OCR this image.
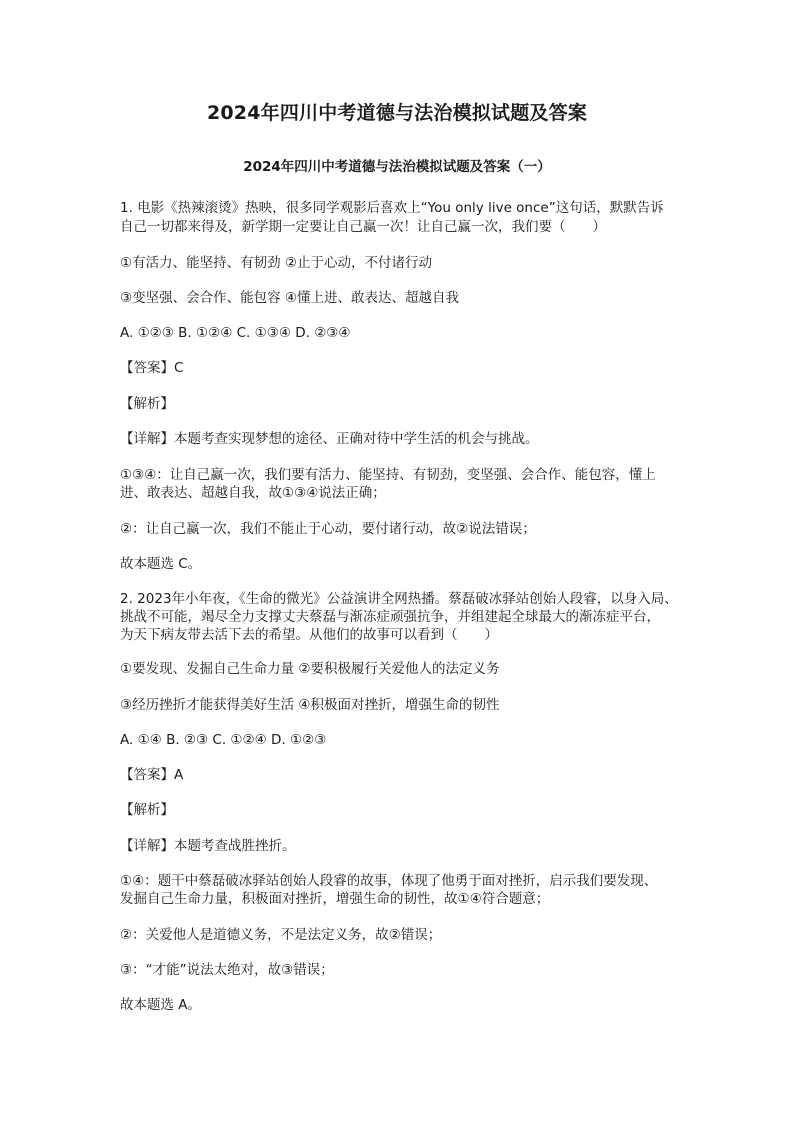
2024年四川中考道德与法治模拟试题及答案
2024年四川中考道德与法治模拟试题及答案（一）
1. 电影《热辣滚烫》热映，很多同学观影后喜欢上“You only live once”这句话，默默告诉
自己一切都来得及，新学期一定要让自己赢一次！让自己赢一次，我们要（　　）
①有活力、能坚持、有韧劲 ②止于心动，不付诸行动
③变坚强、会合作、能包容 ④懂上进、敢表达、超越自我
A. ①②③ B. ①②④ C. ①③④ D. ②③④
【答案】C
【解析】
【详解】本题考查实现梦想的途径、正确对待中学生活的机会与挑战。
①③④：让自己赢一次，我们要有活力、能坚持、有韧劲，变坚强、会合作、能包容，懂上
进、敢表达、超越自我，故①③④说法正确；
②：让自己赢一次，我们不能止于心动，要付诸行动，故②说法错误；
故本题选 C。
2. 2023年小年夜，《生命的微光》公益演讲全网热播。蔡磊破冰驿站创始人段睿，以身入局、
挑战不可能，竭尽全力支撑丈夫蔡磊与渐冻症顽强抗争，并组建起全球最大的渐冻症平台，
为天下病友带去活下去的希望。从他们的故事可以看到（　　）
①要发现、发掘自己生命力量 ②要积极履行关爱他人的法定义务
③经历挫折才能获得美好生活 ④积极面对挫折，增强生命的韧性
A. ①④ B. ②③ C. ①②④ D. ①②③
【答案】A
【解析】
【详解】本题考查战胜挫折。
①④：题干中蔡磊破冰驿站创始人段睿的故事，体现了他勇于面对挫折，启示我们要发现、
发掘自己生命力量，积极面对挫折，增强生命的韧性，故①④符合题意；
②：关爱他人是道德义务，不是法定义务，故②错误；
③：“才能”说法太绝对，故③错误；
故本题选 A。
